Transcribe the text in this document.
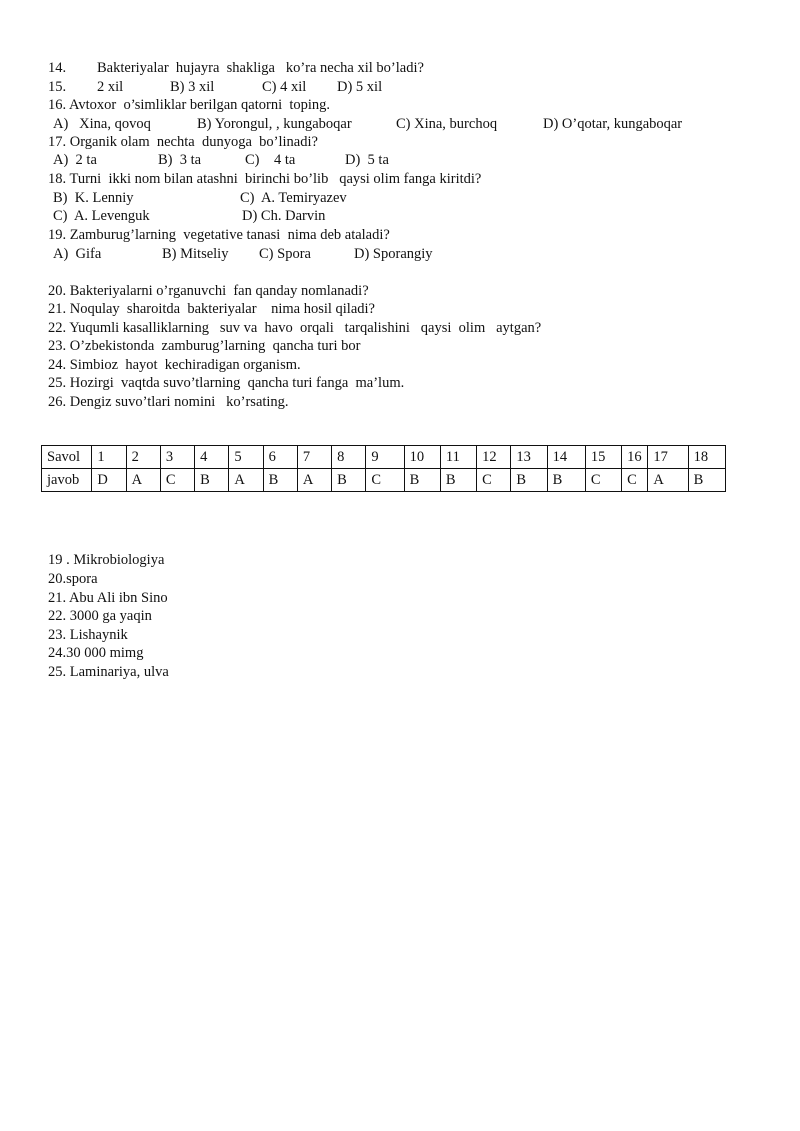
14. Bakteriyalar  hujayra  shakliga   ko’ra necha xil bo’ladi?
15. 2 xil	B) 3 xil	C) 4 xil D) 5 xil
16. Avtoxor  o’simliklar berilgan qatorni  toping.
A)   Xina, qovoq	B) Yorongul, , kungaboqar	C) Xina, burchoq	D) O’qotar, kungaboqar
17. Organik olam  nechta  dunyoga  bo’linadi?
A)  2 ta	B)  3 ta	C)    4 ta	D)  5 ta
18. Turni  ikki nom bilan atashni  birinchi bo’lib   qaysi olim fanga kiritdi?
B)  K. Lenniy	C)  A. Temiryazev
C)  A. Levenguk	D) Ch. Darvin
19. Zamburug’larning  vegetative tanasi  nima deb ataladi?
A)  Gifa	B) Mitseliy C) Spora	D) Sporangiy
20. Bakteriyalarni o’rganuvchi  fan qanday nomlanadi?
21. Noqulay  sharoitda  bakteriyalar    nima hosil qiladi?
22. Yuqumli kasalliklarning   suv va  havo  orqali   tarqalishini   qaysi  olim   aytgan?
23. O’zbekistonda  zamburug’larning  qancha turi bor
24. Simbioz  hayot  kechiradigan organism.
25. Hozirgi  vaqtda suvo’tlarning  qancha turi fanga  ma’lum.
26. Dengiz suvo’tlari nomini   ko’rsating.
Savol	1	2	3	4	5	6	7	8	9	10	11	12	13	14	15	16	17	18
javob	D	A	C	B	A	B	A	B	C	B	B	C	B	B	C	C	A	B
19 . Mikrobiologiya
20.spora
21. Abu Ali ibn Sino
22. 3000 ga yaqin
23. Lishaynik
24.30 000 mimg
25. Laminariya, ulva
